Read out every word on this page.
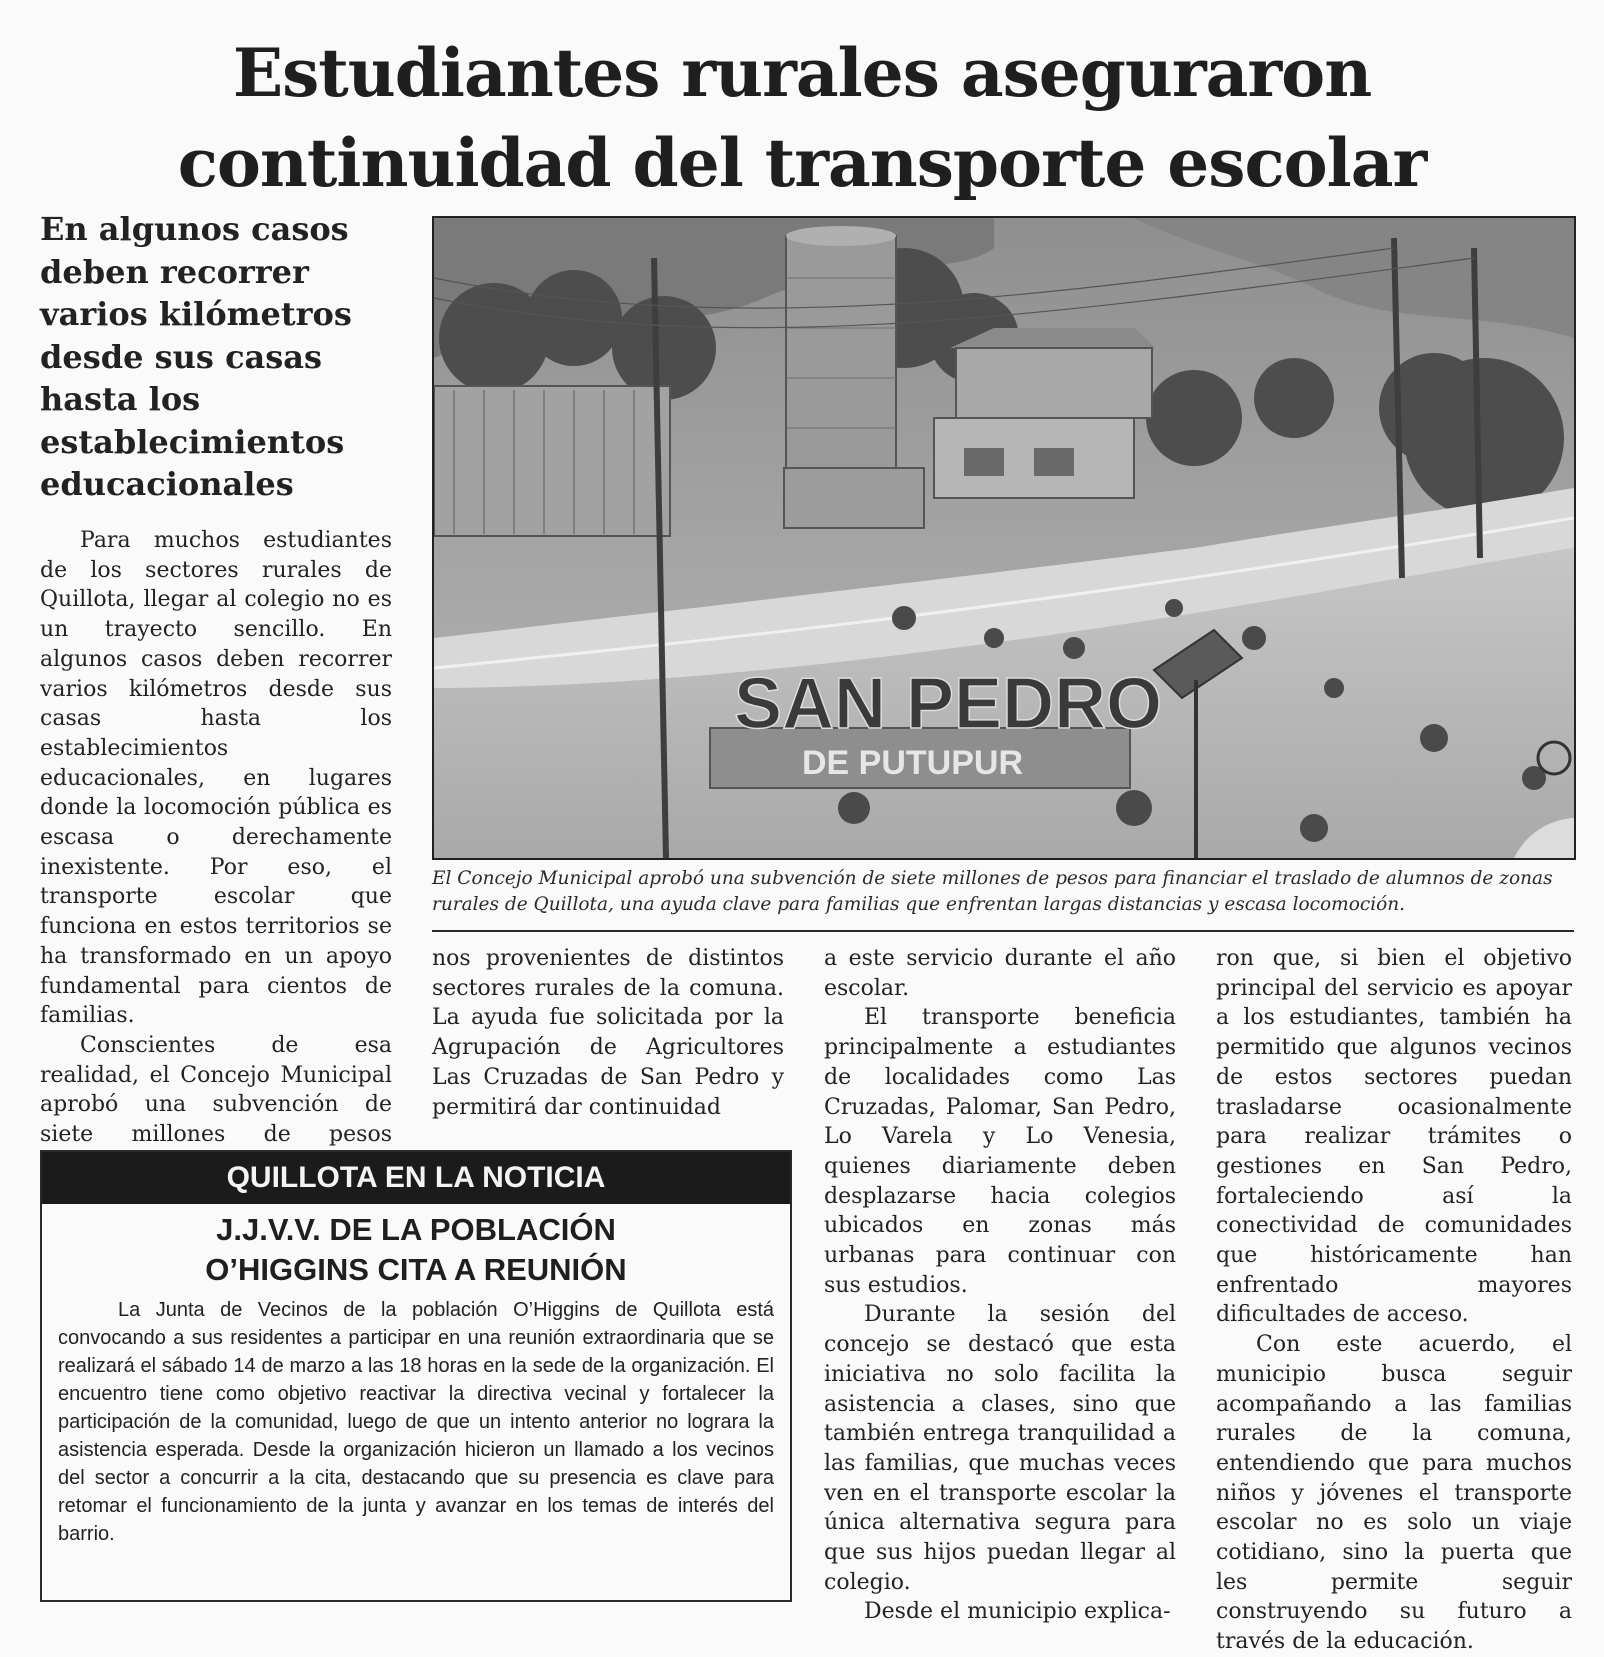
Estudiantes rurales aseguraron
continuidad del transporte escolar
En algunos casos deben recorrer varios kilómetros desde sus casas hasta los establecimientos educacionales

Para muchos estudiantes de los sectores rurales de Quillota, llegar al colegio no es un trayecto sencillo. En algunos casos deben recorrer varios kilómetros desde sus casas hasta los establecimientos educacionales, en lugares donde la locomoción pública es escasa o derechamente inexistente. Por eso, el transporte escolar que funciona en estos territorios se ha transformado en un apoyo fundamental para cientos de familias.

Conscientes de esa realidad, el Concejo Municipal aprobó una subvención de siete millones de pesos

SAN PEDRO
DE PUTUPUR
El Concejo Municipal aprobó una subvención de siete millones de pesos para financiar el traslado de alumnos de zonas rurales de Quillota, una ayuda clave para familias que enfrentan largas distancias y escasa locomoción.

nos provenientes de distintos sectores rurales de la comuna. La ayuda fue solicitada por la Agrupación de Agricultores Las Cruzadas de San Pedro y permitirá dar continuidad

a este servicio durante el año escolar.

El transporte beneficia principalmente a estudiantes de localidades como Las Cruzadas, Palomar, San Pedro, Lo Varela y Lo Venesia, quienes diariamente deben desplazarse hacia colegios ubicados en zonas más urbanas para continuar con sus estudios.

Durante la sesión del concejo se destacó que esta iniciativa no solo facilita la asistencia a clases, sino que también entrega tranquilidad a las familias, que muchas veces ven en el transporte escolar la única alternativa segura para que sus hijos puedan llegar al colegio.

Desde el municipio explica-

ron que, si bien el objetivo principal del servicio es apoyar a los estudiantes, también ha permitido que algunos vecinos de estos sectores puedan trasladarse ocasionalmente para realizar trámites o gestiones en San Pedro, fortaleciendo así la conectividad de comunidades que históricamente han enfrentado mayores dificultades de acceso.

Con este acuerdo, el municipio busca seguir acompañando a las familias rurales de la comuna, entendiendo que para muchos niños y jóvenes el transporte escolar no es solo un viaje cotidiano, sino la puerta que les permite seguir construyendo su futuro a través de la educación.

QUILLOTA EN LA NOTICIA
J.J.V.V. DE LA POBLACIÓN
O’HIGGINS CITA A REUNIÓN

La Junta de Vecinos de la población O’Higgins de Quillota está convocando a sus residentes a participar en una reunión extraordinaria que se realizará el sábado 14 de marzo a las 18 horas en la sede de la organización. El encuentro tiene como objetivo reactivar la directiva vecinal y fortalecer la participación de la comunidad, luego de que un intento anterior no lograra la asistencia esperada. Desde la organización hicieron un llamado a los vecinos del sector a concurrir a la cita, destacando que su presencia es clave para retomar el funcionamiento de la junta y avanzar en los temas de interés del barrio.
